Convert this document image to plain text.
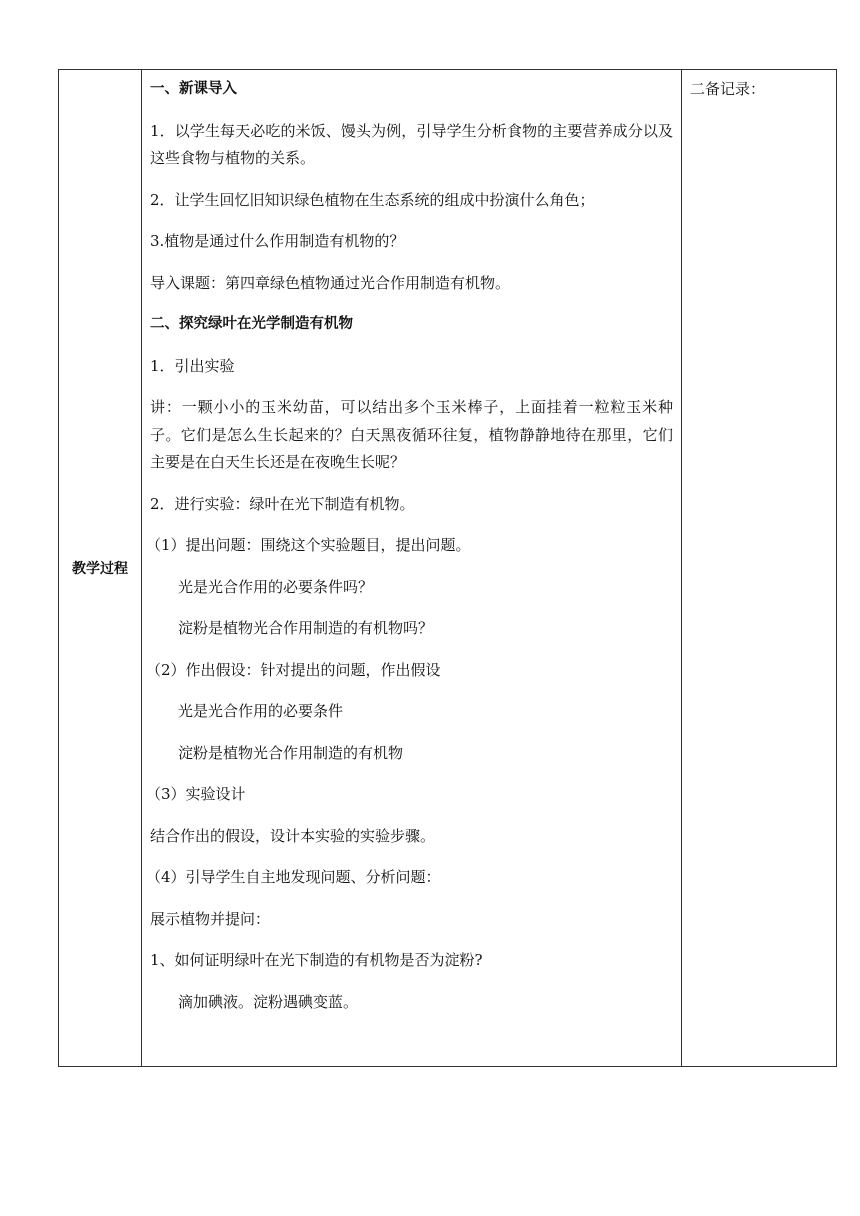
教学过程	
一、新课导入
1．以学生每天必吃的米饭、馒头为例，引导学生分析食物的主要营养成分以及这些食物与植物的关系。
2．让学生回忆旧知识绿色植物在生态系统的组成中扮演什么角色；
3.植物是通过什么作用制造有机物的？
导入课题：第四章绿色植物通过光合作用制造有机物。
二、探究绿叶在光学制造有机物
1．引出实验
讲：一颗小小的玉米幼苗，可以结出多个玉米棒子，上面挂着一粒粒玉米种子。它们是怎么生长起来的？白天黑夜循环往复，植物静静地待在那里，它们主要是在白天生长还是在夜晚生长呢？
2．进行实验：绿叶在光下制造有机物。
（1）提出问题：围绕这个实验题目，提出问题。
光是光合作用的必要条件吗？
淀粉是植物光合作用制造的有机物吗？
（2）作出假设：针对提出的问题，作出假设
光是光合作用的必要条件
淀粉是植物光合作用制造的有机物
（3）实验设计
结合作出的假设，设计本实验的实验步骤。
（4）引导学生自主地发现问题、分析问题：
展示植物并提问：
1、如何证明绿叶在光下制造的有机物是否为淀粉?
滴加碘液。淀粉遇碘变蓝。

二备记录：
